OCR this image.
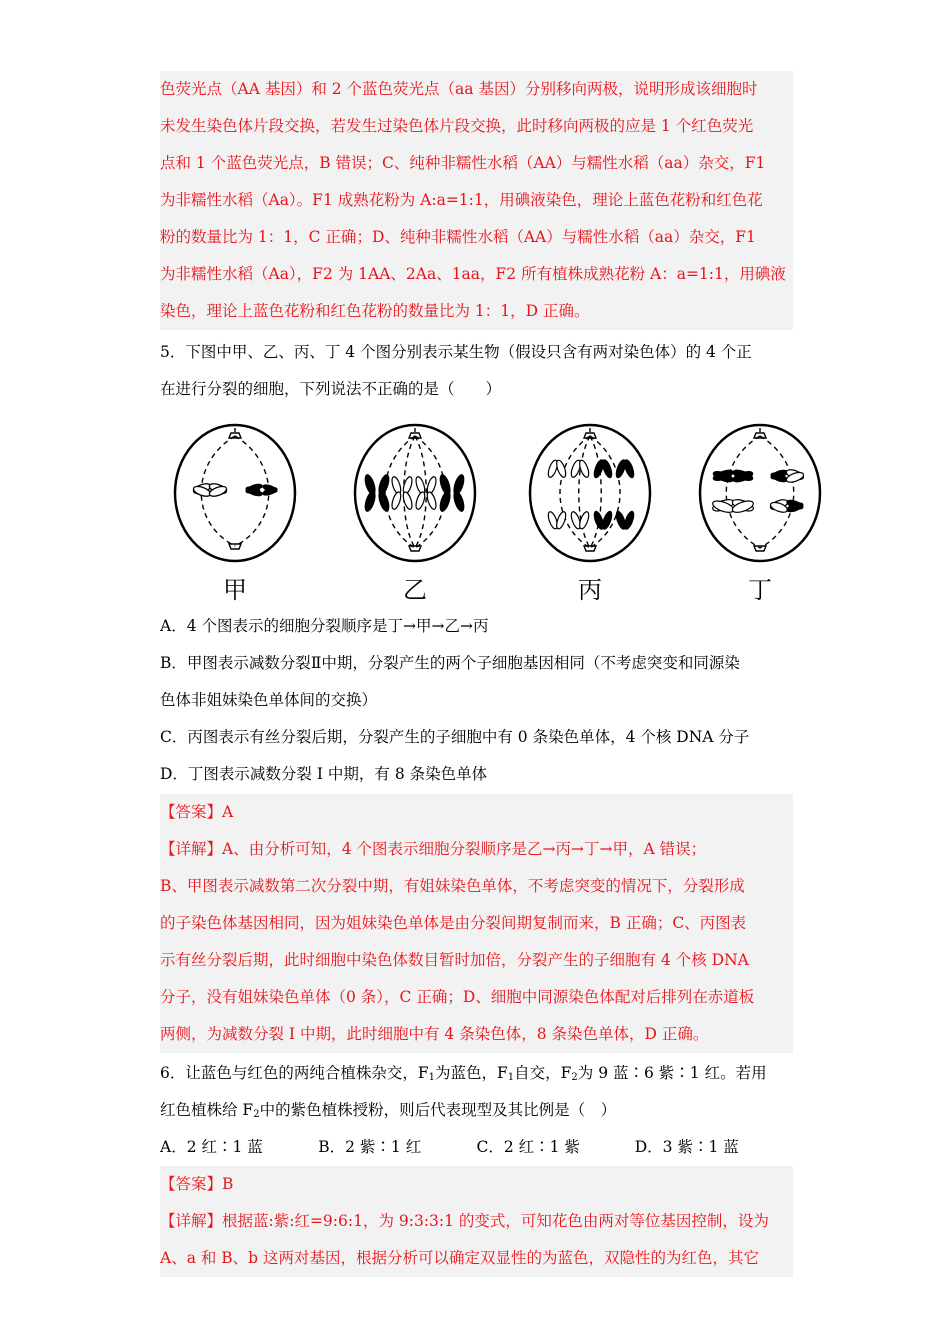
色荧光点（AA 基因）和 2 个蓝色荧光点（aa 基因）分别移向两极，说明形成该细胞时
未发生染色体片段交换，若发生过染色体片段交换，此时移向两极的应是 1 个红色荧光
点和 1 个蓝色荧光点，B 错误；C、纯种非糯性水稻（AA）与糯性水稻（aa）杂交，F1
为非糯性水稻（Aa）。F1 成熟花粉为 A:a=1:1，用碘液染色，理论上蓝色花粉和红色花
粉的数量比为 1：1，C 正确；D、纯种非糯性水稻（AA）与糯性水稻（aa）杂交，F1
为非糯性水稻（Aa），F2 为 1AA、2Aa、1aa，F2 所有植株成熟花粉 A：a=1:1，用碘液
染色，理论上蓝色花粉和红色花粉的数量比为 1：1，D 正确。
5．下图中甲、乙、丙、丁 4 个图分别表示某生物（假设只含有两对染色体）的 4 个正
在进行分裂的细胞，下列说法不正确的是（　　）
甲	乙	丙	丁
A．4 个图表示的细胞分裂顺序是丁→甲→乙→丙
B．甲图表示减数分裂Ⅱ中期，分裂产生的两个子细胞基因相同（不考虑突变和同源染
色体非姐妹染色单体间的交换）
C．丙图表示有丝分裂后期，分裂产生的子细胞中有 0 条染色单体，4 个核 DNA 分子
D．丁图表示减数分裂 I 中期，有 8 条染色单体
【答案】A
【详解】A、由分析可知，4 个图表示细胞分裂顺序是乙→丙→丁→甲，A 错误；
B、甲图表示减数第二次分裂中期，有姐妹染色单体，不考虑突变的情况下，分裂形成
的子染色体基因相同，因为姐妹染色单体是由分裂间期复制而来，B 正确；C、丙图表
示有丝分裂后期，此时细胞中染色体数目暂时加倍，分裂产生的子细胞有 4 个核 DNA
分子，没有姐妹染色单体（0 条），C 正确；D、细胞中同源染色体配对后排列在赤道板
两侧，为减数分裂 I 中期，此时细胞中有 4 条染色体，8 条染色单体，D 正确。
6．让蓝色与红色的两纯合植株杂交，$F_1$为蓝色，$F_1$自交，$F_2$为 9 蓝∶6 紫∶1 红。若用
红色植株给 $F_2$中的紫色植株授粉，则后代表现型及其比例是（　）
A．2 红∶1 蓝	B．2 紫∶1 红	C．2 红∶1 紫	D．3 紫∶1 蓝
【答案】B
【详解】根据蓝:紫:红=9:6:1，为 9:3:3:1 的变式，可知花色由两对等位基因控制，设为
A、a 和 B、b 这两对基因，根据分析可以确定双显性的为蓝色，双隐性的为红色，其它
